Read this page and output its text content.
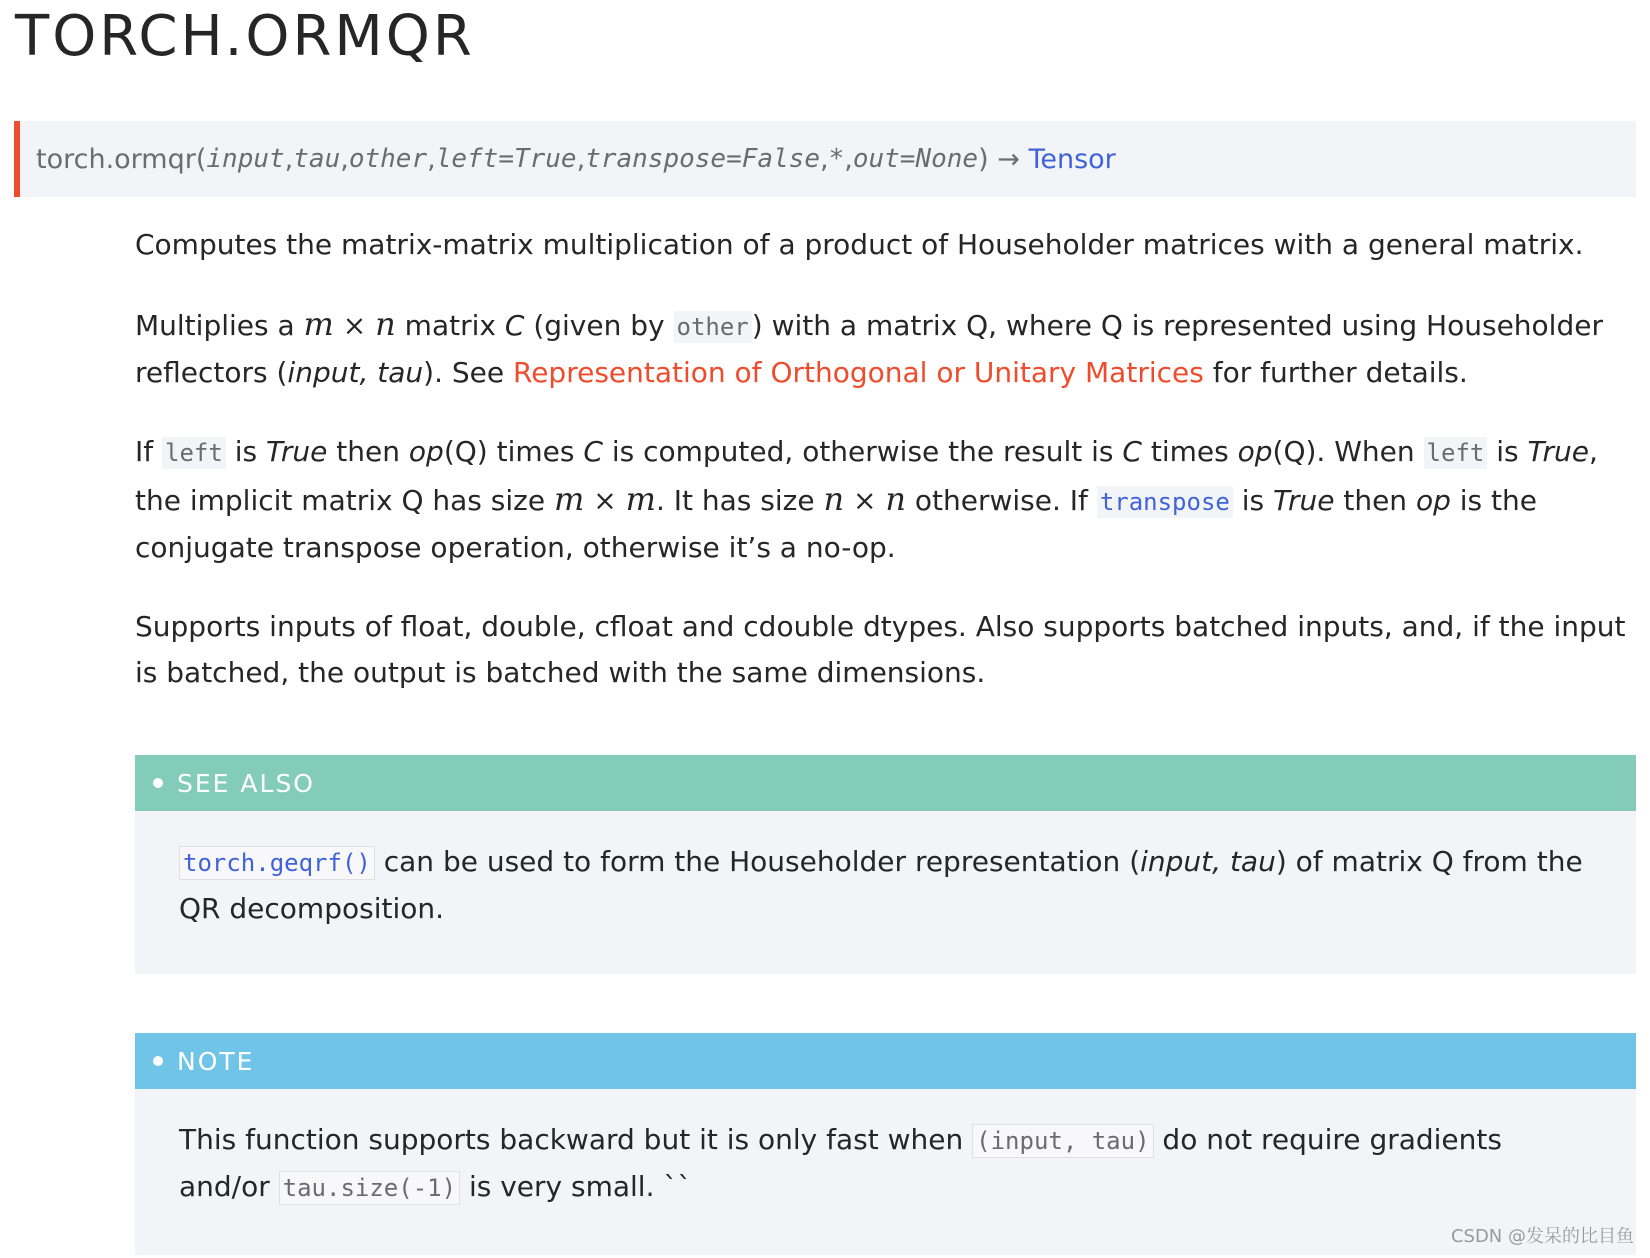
TORCH.ORMQR
torch.ormqr ( input , tau , other , left=True , transpose=False , * , out=None )
→
Tensor

Computes the matrix-matrix multiplication of a product of Householder matrices with a general matrix.

Multiplies a m × n matrix C (given by other ) with a matrix Q, where Q is represented using Householder reflectors (input, tau). See Representation of Orthogonal or Unitary Matrices for further details.

If left is True then op(Q) times C is computed, otherwise the result is C times op(Q). When left is True, the implicit matrix Q has size m × m. It has size n × n otherwise. If transpose is True then op is the conjugate transpose operation, otherwise it’s a no-op.

Supports inputs of float, double, cfloat and cdouble dtypes. Also supports batched inputs, and, if the input is batched, the output is batched with the same dimensions.

SEE ALSO
torch.geqrf() can be used to form the Householder representation (input, tau) of matrix Q from the QR decomposition.
NOTE
This function supports backward but it is only fast when (input, tau) do not require gradients and/or tau.size(-1) is very small. ``
CSDN @发呆的比目鱼
